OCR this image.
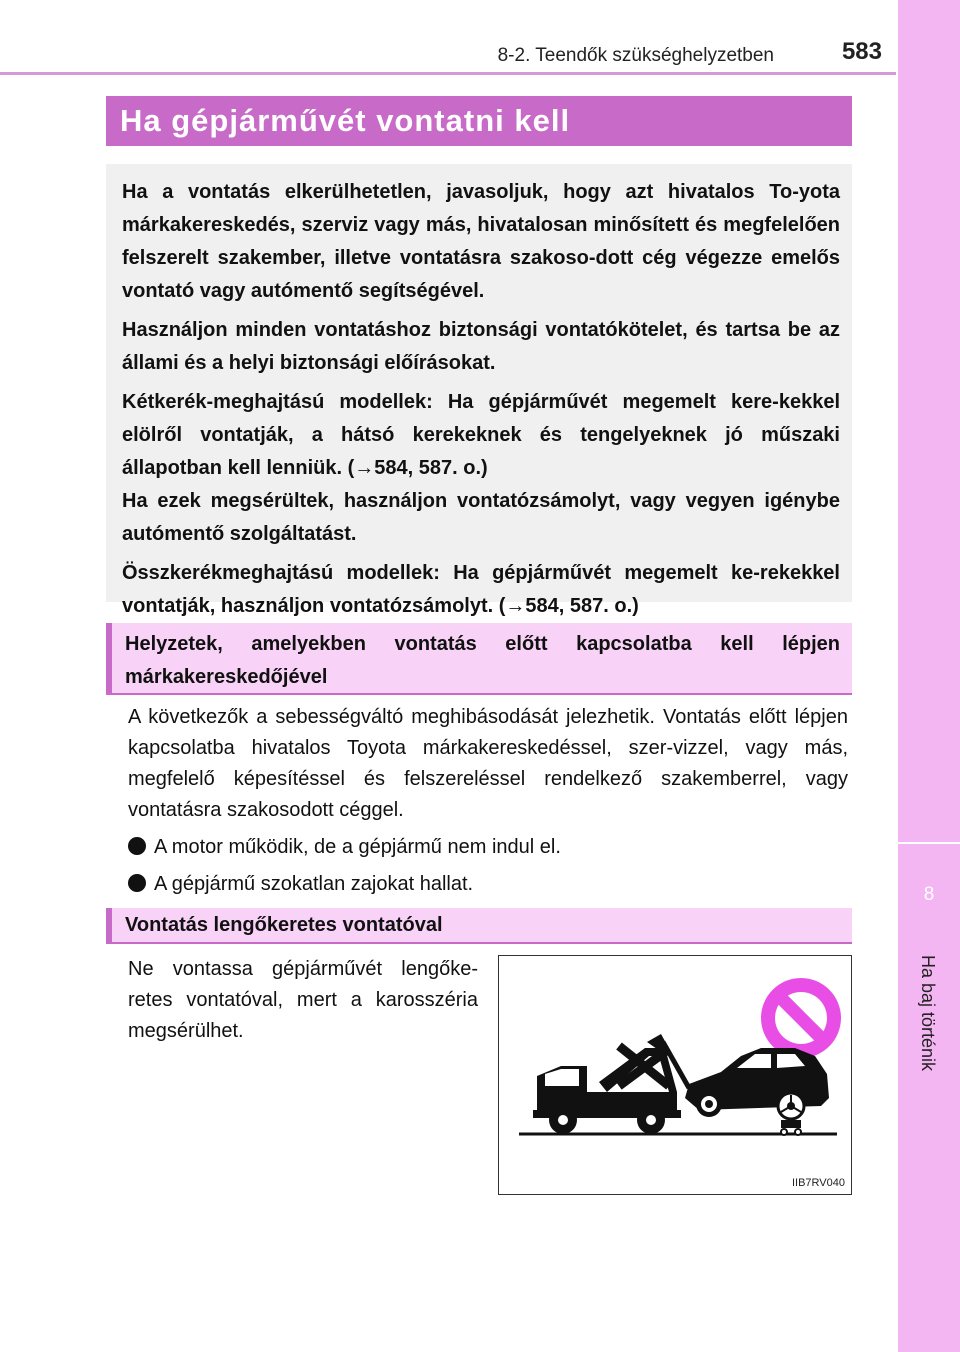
8-2. Teendők szükséghelyzetben	583
8
Ha baj történik
Ha gépjárművét vontatni kell

Ha a vontatás elkerülhetetlen, javasoljuk, hogy azt hivatalos To-yota márkakereskedés, szerviz vagy más, hivatalosan minősített és megfelelően felszerelt szakember, illetve vontatásra szakoso-dott cég végezze emelős vontató vagy autómentő segítségével.

Használjon minden vontatáshoz biztonsági vontatókötelet, és tartsa be az állami és a helyi biztonsági előírásokat.

Kétkerék-meghajtású modellek: Ha gépjárművét megemelt kere-kekkel elölről vontatják, a hátsó kerekeknek és tengelyeknek jó műszaki állapotban kell lenniük. (→584, 587. o.)

Ha ezek megsérültek, használjon vontatózsámolyt, vagy vegyen igénybe autómentő szolgáltatást.

Összkerékmeghajtású modellek: Ha gépjárművét megemelt ke-rekekkel vontatják, használjon vontatózsámolyt. (→584, 587. o.)

Helyzetek, amelyekben vontatás előtt kapcsolatba kell lépjen márkakereskedőjével

A következők a sebességváltó meghibásodását jelezhetik. Vontatás előtt lépjen kapcsolatba hivatalos Toyota márkakereskedéssel, szer-vizzel, vagy más, megfelelő képesítéssel és felszereléssel rendelkező szakemberrel, vagy vontatásra szakosodott céggel.

A motor működik, de a gépjármű nem indul el.

A gépjármű szokatlan zajokat hallat.

Vontatás lengőkeretes vontatóval
Ne vontassa gépjárművét lengőke-retes vontatóval, mert a karosszéria megsérülhet.
IIB7RV040
